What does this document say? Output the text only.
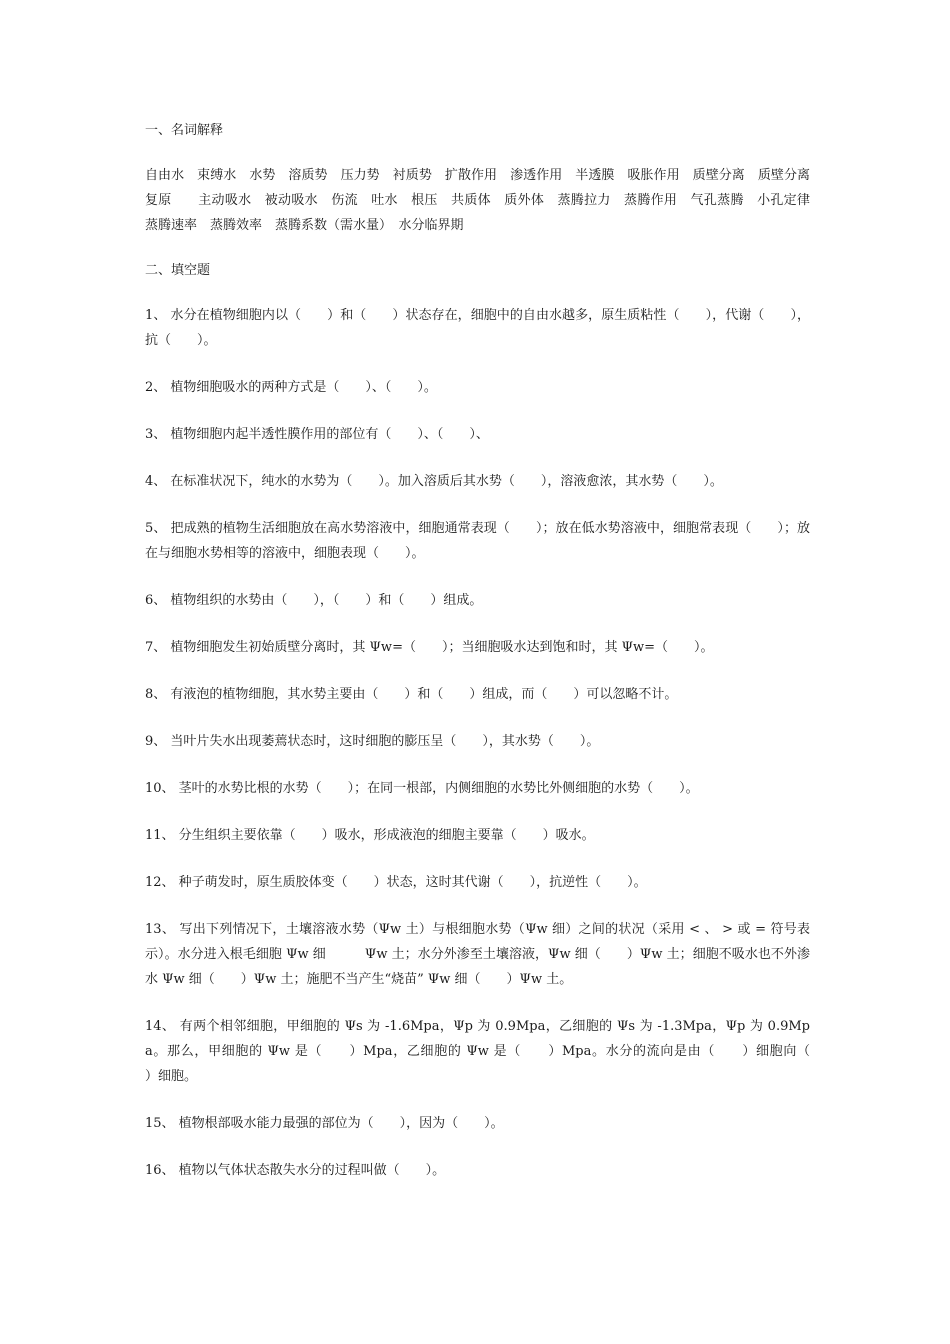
一、名词解释

自由水　束缚水　水势　溶质势　压力势　衬质势　扩散作用　渗透作用　半透膜　吸胀作用　质壁分离　质壁分离复原　　主动吸水　被动吸水　伤流　吐水　根压　共质体　质外体　蒸腾拉力　蒸腾作用　气孔蒸腾　小孔定律　蒸腾速率　蒸腾效率　蒸腾系数（需水量）　水分临界期

二、填空题

1、 水分在植物细胞内以（　　）和（　　）状态存在，细胞中的自由水越多，原生质粘性（　　），代谢（　　），抗（　　）。

2、 植物细胞吸水的两种方式是（　　）、（　　）。

3、 植物细胞内起半透性膜作用的部位有（　　）、（　　）、

4、 在标准状况下，纯水的水势为（　　）。加入溶质后其水势（　　），溶液愈浓，其水势（　　）。

5、 把成熟的植物生活细胞放在高水势溶液中，细胞通常表现（　　）；放在低水势溶液中，细胞常表现（　　）；放在与细胞水势相等的溶液中，细胞表现（　　）。

6、 植物组织的水势由（　　），（　　）和（　　）组成。

7、 植物细胞发生初始质壁分离时，其 Ψw=（　　）；当细胞吸水达到饱和时，其 Ψw=（　　）。

8、 有液泡的植物细胞，其水势主要由（　　）和（　　）组成，而（　　）可以忽略不计。

9、 当叶片失水出现萎蔫状态时，这时细胞的膨压呈（　　），其水势（　　）。

10、 茎叶的水势比根的水势（　　）；在同一根部，内侧细胞的水势比外侧细胞的水势（　　）。

11、 分生组织主要依靠（　　）吸水，形成液泡的细胞主要靠（　　）吸水。

12、 种子萌发时，原生质胶体变（　　）状态，这时其代谢（　　），抗逆性（　　）。

13、 写出下列情况下，土壤溶液水势（Ψw 土）与根细胞水势（Ψw 细）之间的状况（采用 < 、 > 或 = 符号表示）。水分进入根毛细胞 Ψw 细　　　Ψw 土；水分外渗至土壤溶液，Ψw 细（　　）Ψw 土；细胞不吸水也不外渗水 Ψw 细（　　）Ψw 土；施肥不当产生“烧苗” Ψw 细（　　）Ψw 土。

14、 有两个相邻细胞，甲细胞的 Ψs 为 -1.6Mpa，Ψp 为 0.9Mpa，乙细胞的 Ψs 为 -1.3Mpa，Ψp 为 0.9Mpa。那么，甲细胞的 Ψw 是（　　）Mpa，乙细胞的 Ψw 是（　　）Mpa。水分的流向是由（　　）细胞向（　　）细胞。

15、 植物根部吸水能力最强的部位为（　　），因为（　　）。

16、 植物以气体状态散失水分的过程叫做（　　）。
